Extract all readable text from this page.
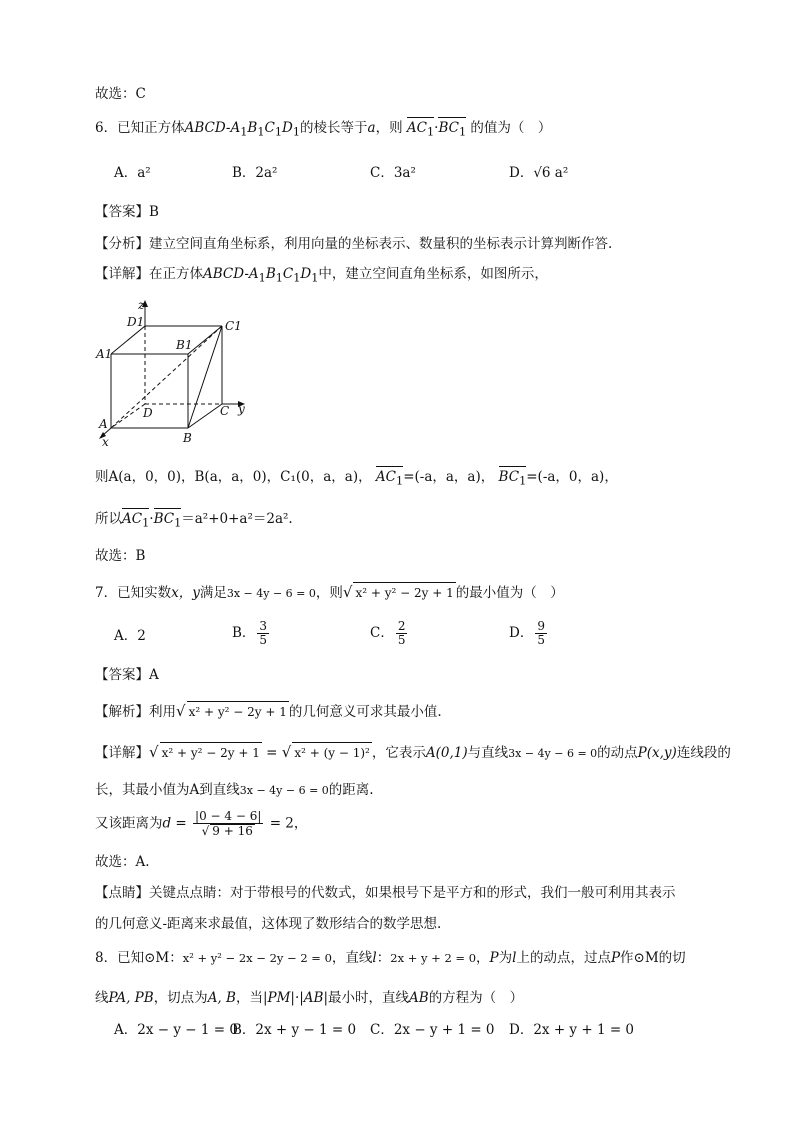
故选：C
6．已知正方体ABCD-$A_1B_1C_1D_1$的棱长等于a，则 $AC_1\cdot BC_1$ 的值为（　）
A．a²	B．2a²	C．3a²	D．√6 a²
【答案】B
【分析】建立空间直角坐标系，利用向量的坐标表示、数量积的坐标表示计算判断作答.
【详解】在正方体ABCD-$A_1B_1C_1D_1$中，建立空间直角坐标系，如图所示，
z
y
x
A
B
C
D
A1
B1
C1
D1
则A(a，0，0)，B(a，a，0)，C₁(0，a，a)， $AC_1=(-a$，a，a)， $BC_1=(-a$，0，a)，
所以$AC_1\cdot BC_1=a^2+0+a^2=2a^2$.
故选：B
7．已知实数x，y满足3x − 4y − 6 = 0，则√ x² + y² − 2y + 1 的最小值为（　）
A．2	B． $\frac{3}{5}$	C． $\frac{2}{5}$	D． $\frac{9}{5}$
【答案】A
【解析】利用√ x² + y² − 2y + 1 的几何意义可求其最小值.
【详解】√ x² + y² − 2y + 1 = √ x² + (y − 1)² ，它表示A(0,1)与直线3x − 4y − 6 = 0的动点P(x,y)连线段的
长，其最小值为A到直线3x − 4y − 6 = 0的距离.
又该距离为$d = \frac{|0 - 4 - 6|}{√ 9 + 16} = 2$，
故选：A.
【点睛】关键点点睛：对于带根号的代数式，如果根号下是平方和的形式，我们一般可利用其表示
的几何意义-距离来求最值，这体现了数形结合的数学思想.
8．已知⊙M：x² + y² − 2x − 2y − 2 = 0，直线l：2x + y + 2 = 0，P为l上的动点，过点P作⊙M的切
线PA, PB，切点为A, B，当|PM|·|AB|最小时，直线AB的方程为（　）
A．2x − y − 1 = 0
B．2x + y − 1 = 0 C．2x − y + 1 = 0 D．2x + y + 1 = 0
